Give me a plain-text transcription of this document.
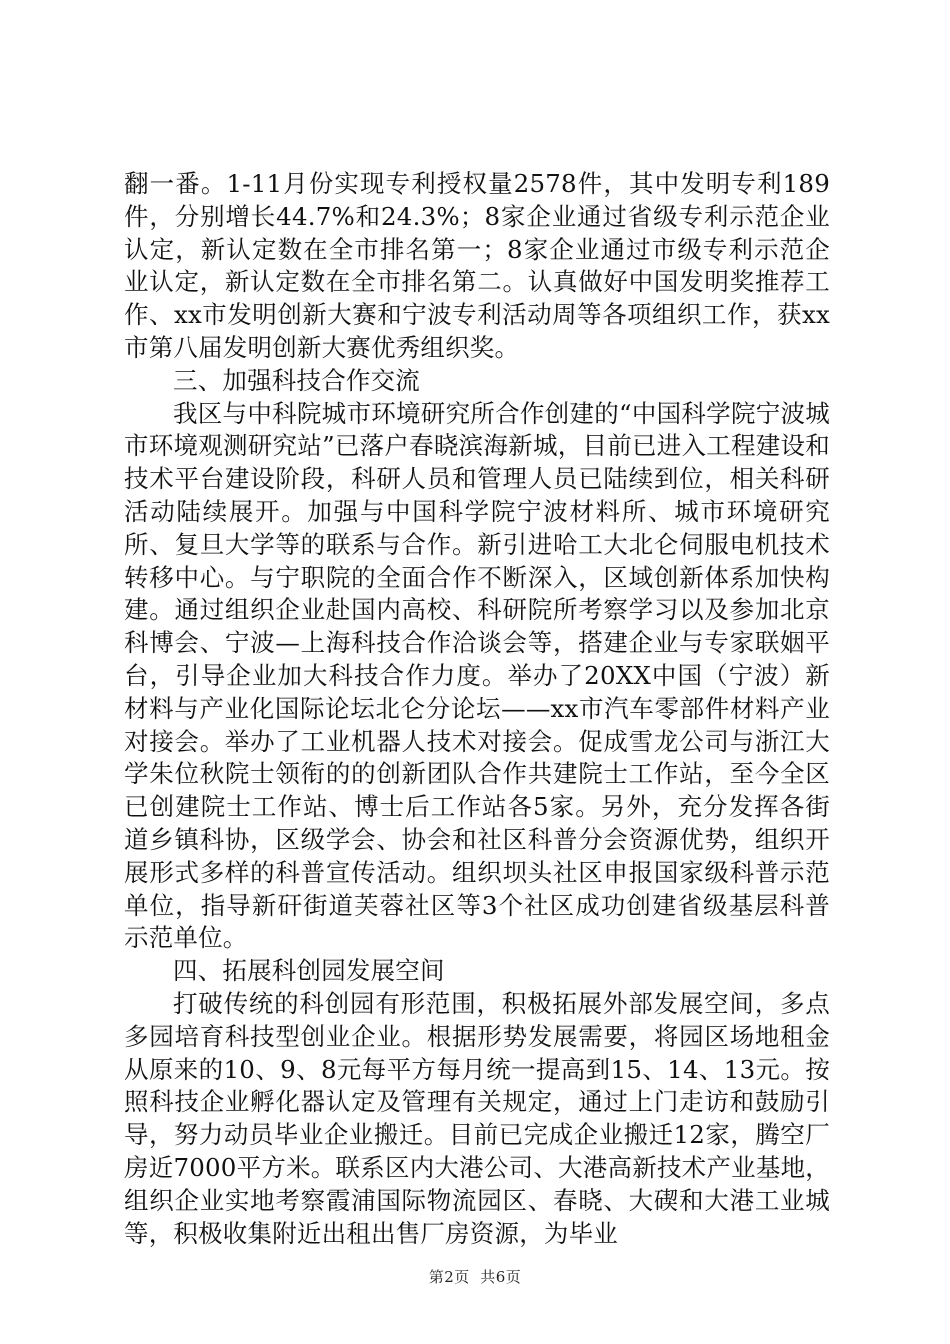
翻一番。1-11月份实现专利授权量2578件，其中发明专利189件，分别增长44.7%和24.3%；8家企业通过省级专利示范企业认定，新认定数在全市排名第一；8家企业通过市级专利示范企业认定，新认定数在全市排名第二。认真做好中国发明奖推荐工作、xx市发明创新大赛和宁波专利活动周等各项组织工作，获xx市第八届发明创新大赛优秀组织奖。

三、加强科技合作交流

我区与中科院城市环境研究所合作创建的“中国科学院宁波城市环境观测研究站”已落户春晓滨海新城，目前已进入工程建设和技术平台建设阶段，科研人员和管理人员已陆续到位，相关科研活动陆续展开。加强与中国科学院宁波材料所、城市环境研究所、复旦大学等的联系与合作。新引进哈工大北仑伺服电机技术转移中心。与宁职院的全面合作不断深入，区域创新体系加快构建。通过组织企业赴国内高校、科研院所考察学习以及参加北京科博会、宁波—上海科技合作洽谈会等，搭建企业与专家联姻平台，引导企业加大科技合作力度。举办了20XX中国（宁波）新材料与产业化国际论坛北仑分论坛——xx市汽车零部件材料产业对接会。举办了工业机器人技术对接会。促成雪龙公司与浙江大学朱位秋院士领衔的的创新团队合作共建院士工作站，至今全区已创建院士工作站、博士后工作站各5家。另外，充分发挥各街道乡镇科协，区级学会、协会和社区科普分会资源优势，组织开展形式多样的科普宣传活动。组织坝头社区申报国家级科普示范单位，指导新矸街道芙蓉社区等3个社区成功创建省级基层科普示范单位。

四、拓展科创园发展空间

打破传统的科创园有形范围，积极拓展外部发展空间，多点多园培育科技型创业企业。根据形势发展需要，将园区场地租金从原来的10、9、8元每平方每月统一提高到15、14、13元。按照科技企业孵化器认定及管理有关规定，通过上门走访和鼓励引导，努力动员毕业企业搬迁。目前已完成企业搬迁12家，腾空厂房近7000平方米。联系区内大港公司、大港高新技术产业基地，组织企业实地考察霞浦国际物流园区、春晓、大碶和大港工业城等，积极收集附近出租出售厂房资源，为毕业

第2页  共6页
